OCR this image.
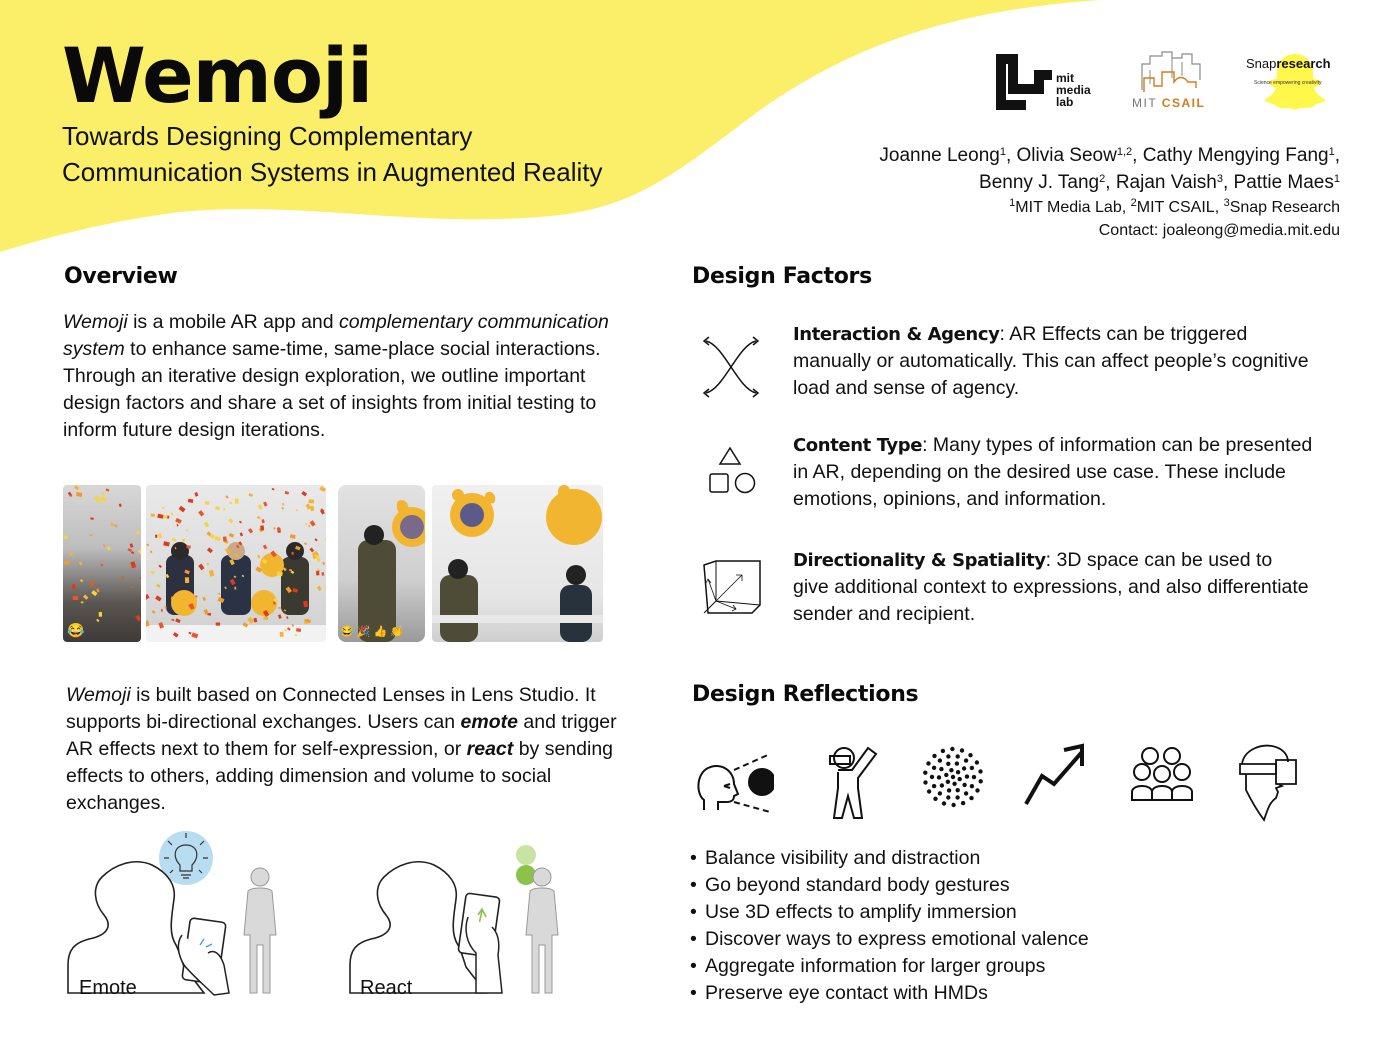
Wemoji
Towards Designing Complementary
Communication Systems in Augmented Reality
mit
media
lab	MIT CSAIL
Snapresearch
Science empowering creativity
Joanne Leong$^1$, Olivia Seow$^{1,2}$, Cathy Mengying Fang$^1$,
Benny J. Tang$^2$, Rajan Vaish$^3$, Pattie Maes$^1$
$^1$MIT Media Lab, $^2$MIT CSAIL, $^3$Snap Research
Contact: joaleong@media.mit.edu
Overview
Wemoji is a mobile AR app and complementary communication system to enhance same-time, same-place social interactions. Through an iterative design exploration, we outline important design factors and share a set of insights from initial testing to inform future design iterations.
😂	😂 🎉 👍 👏
Wemoji is built based on Connected Lenses in Lens Studio. It supports bi-directional exchanges. Users can emote and trigger AR effects next to them for self-expression, or react by sending effects to others, adding dimension and volume to social exchanges.
Emote	React
Design Factors
Interaction & Agency: AR Effects can be triggered manually or automatically. This can affect people’s cognitive load and sense of agency.
Content Type: Many types of information can be presented in AR, depending on the desired use case. These include emotions, opinions, and information.
Directionality & Spatiality: 3D space can be used to give additional context to expressions, and also differentiate sender and recipient.
Design Reflections
• Balance visibility and distraction
• Go beyond standard body gestures
• Use 3D effects to amplify immersion
• Discover ways to express emotional valence
• Aggregate information for larger groups
• Preserve eye contact with HMDs
